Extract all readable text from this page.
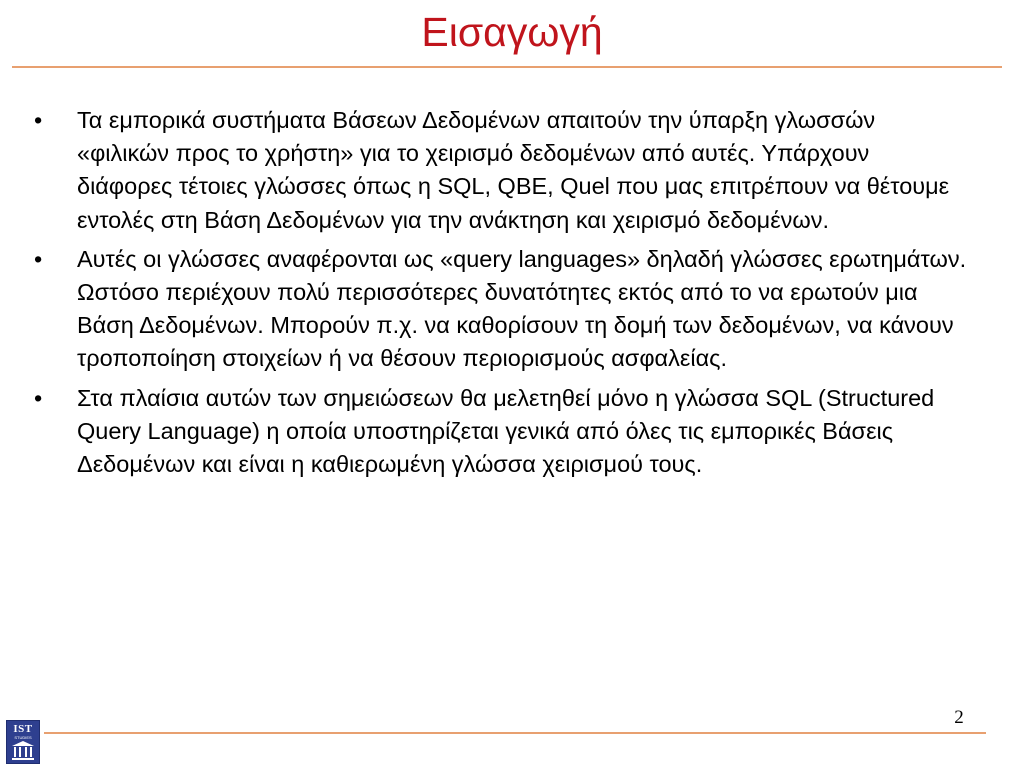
Εισαγωγή
• Τα εμπορικά συστήματα Βάσεων Δεδομένων απαιτούν την ύπαρξη γλωσσών «φιλικών προς το χρήστη» για το χειρισμό δεδομένων από αυτές. Υπάρχουν διάφορες τέτοιες γλώσσες όπως η SQL, QBE, Quel που μας επιτρέπουν να θέτουμε εντολές στη Βάση Δεδομένων για την ανάκτηση και χειρισμό δεδομένων.
• Αυτές οι γλώσσες αναφέρονται ως «query languages» δηλαδή γλώσσες ερωτημάτων. Ωστόσο περιέχουν πολύ περισσότερες δυνατότητες εκτός από το να ερωτούν μια Βάση Δεδομένων. Μπορούν π.χ. να καθορίσουν τη δομή των δεδομένων, να κάνουν τροποποίηση στοιχείων ή να θέσουν περιορισμούς ασφαλείας.
• Στα πλαίσια αυτών των σημειώσεων θα μελετηθεί μόνο η γλώσσα SQL (Structured Query Language) η οποία υποστηρίζεται γενικά από όλες τις εμπορικές Βάσεις Δεδομένων και είναι η καθιερωμένη γλώσσα χειρισμού τους.
2
IST
STUDIES
